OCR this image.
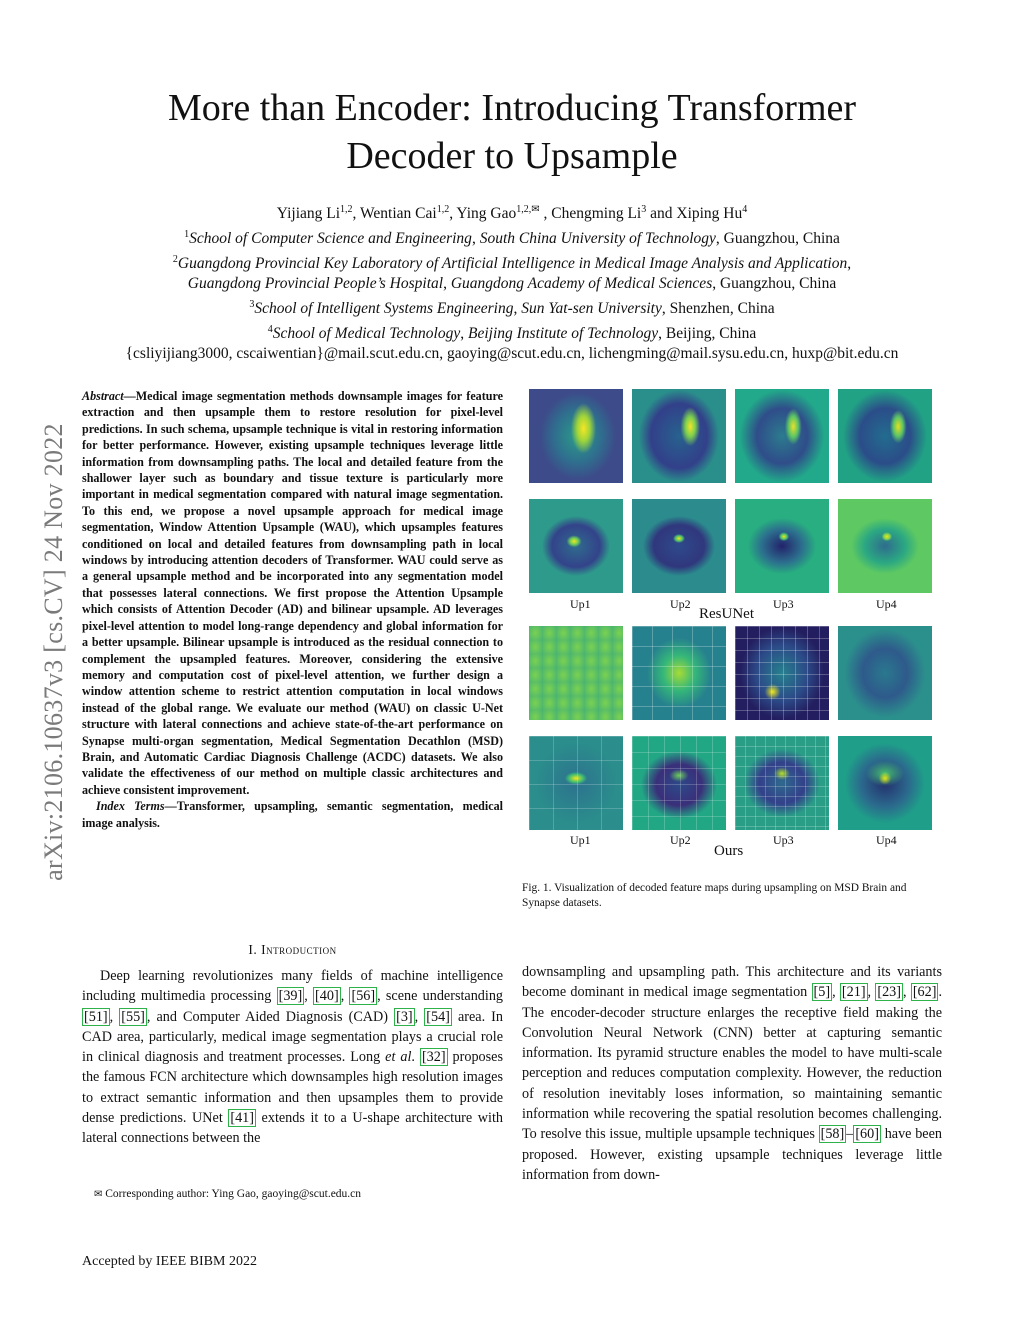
More than Encoder: Introducing Transformer
Decoder to Upsample
Yijiang Li$^{1,2}$, Wentian Cai$^{1,2}$, Ying Gao$^{1,2,✉}$ , Chengming Li$^3$ and Xiping Hu$^4$
$^1$School of Computer Science and Engineering, South China University of Technology, Guangzhou, China
$^2$Guangdong Provincial Key Laboratory of Artificial Intelligence in Medical Image Analysis and Application,
Guangdong Provincial People’s Hospital, Guangdong Academy of Medical Sciences, Guangzhou, China
$^3$School of Intelligent Systems Engineering, Sun Yat-sen University, Shenzhen, China
$^4$School of Medical Technology, Beijing Institute of Technology, Beijing, China
{csliyijiang3000, cscaiwentian}@mail.scut.edu.cn, gaoying@scut.edu.cn, lichengming@mail.sysu.edu.cn, huxp@bit.edu.cn
arXiv:2106.10637v3 [cs.CV] 24 Nov 2022
Abstract—Medical image segmentation methods downsample images for feature extraction and then upsample them to restore resolution for pixel-level predictions. In such schema, upsample technique is vital in restoring information for better performance. However, existing upsample techniques leverage little information from downsampling paths. The local and detailed feature from the shallower layer such as boundary and tissue texture is particularly more important in medical segmentation compared with natural image segmentation. To this end, we propose a novel upsample approach for medical image segmentation, Window Attention Upsample (WAU), which upsamples features conditioned on local and detailed features from downsampling path in local windows by introducing attention decoders of Transformer. WAU could serve as a general upsample method and be incorporated into any segmentation model that possesses lateral connections. We first propose the Attention Upsample which consists of Attention Decoder (AD) and bilinear upsample. AD leverages pixel-level attention to model long-range dependency and global information for a better upsample. Bilinear upsample is introduced as the residual connection to complement the upsampled features. Moreover, considering the extensive memory and computation cost of pixel-level attention, we further design a window attention scheme to restrict attention computation in local windows instead of the global range. We evaluate our method (WAU) on classic U-Net structure with lateral connections and achieve state-of-the-art performance on Synapse multi-organ segmentation, Medical Segmentation Decathlon (MSD) Brain, and Automatic Cardiac Diagnosis Challenge (ACDC) datasets. We also validate the effectiveness of our method on multiple classic architectures and achieve consistent improvement.
Index Terms—Transformer, upsampling, semantic segmentation, medical image analysis.
I. Introduction
Deep learning revolutionizes many fields of machine intelligence including multimedia processing [39] , [40] , [56] , scene understanding [51] , [55] , and Computer Aided Diagnosis (CAD) [3] , [54] area. In CAD area, particularly, medical image segmentation plays a crucial role in clinical diagnosis and treatment processes. Long et al. [32] proposes the famous FCN architecture which downsamples high resolution images to extract semantic information and then upsamples them to provide dense predictions. UNet [41] extends it to a U-shape architecture with lateral connections between the
downsampling and upsampling path. This architecture and its variants become dominant in medical image segmentation [5] , [21] , [23] , [62] . The encoder-decoder structure enlarges the receptive field making the Convolution Neural Network (CNN) better at capturing semantic information. Its pyramid structure enables the model to have multi-scale perception and reduces computation complexity. However, the reduction of resolution inevitably loses information, so maintaining semantic information while recovering the spatial resolution becomes challenging. To resolve this issue, multiple upsample techniques [58] – [60] have been proposed. However, existing upsample techniques leverage little information from down-
✉ Corresponding author: Ying Gao, gaoying@scut.edu.cn
Accepted by IEEE BIBM 2022
Up1	Up2	Up3	Up4
ResUNet
Up1	Up2	Up3	Up4
Ours
Fig. 1. Visualization of decoded feature maps during upsampling on MSD Brain and Synapse datasets.
